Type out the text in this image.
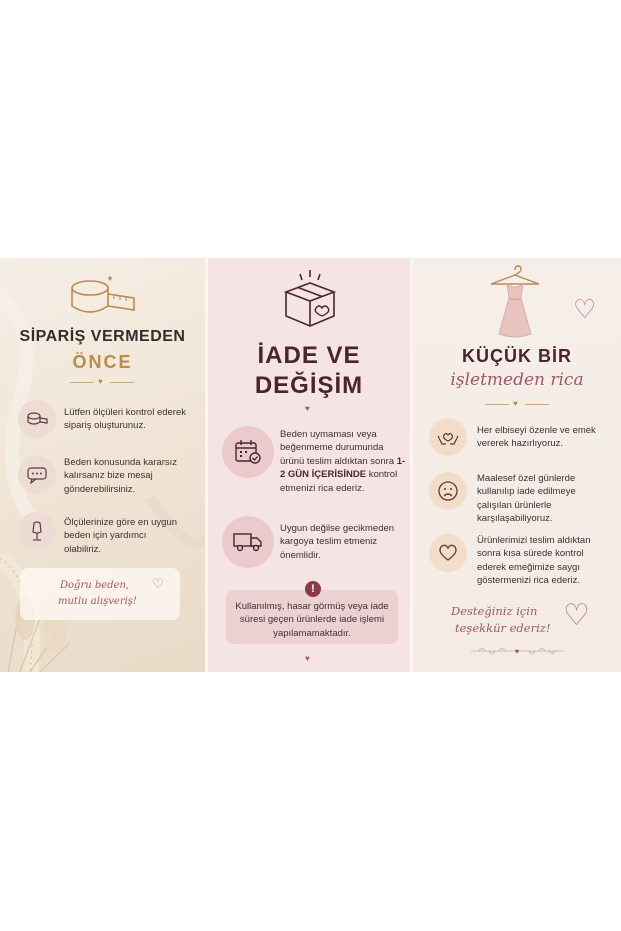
SİPARİŞ VERMEDEN
ÖNCE
♥
Lütfen ölçüleri kontrol ederek sipariş oluşturunuz.
Beden konusunda kararsız kalırsanız bize mesaj gönderebilirsiniz.
Ölçülerinize göre en uygun beden için yardımcı olabiliriz.
Doğru beden,
mutlu alışveriş!
♡
İADE VE
DEĞİŞİM
♥
Beden uymaması veya beğenmeme durumunda ürünü teslim aldıktan sonra 1-2 GÜN İÇERİSİNDE kontrol etmenizi rica ederiz.
Uygun değilse gecikmeden kargoya teslim etmeniz önemlidir.
!
Kullanılmış, hasar görmüş veya iade süresi geçen ürünlerde iade işlemi yapılamamaktadır.
♥
♡
KÜÇÜK BİR
işletmeden rica
♥
Her elbiseyi özenle ve emek vererek hazırlıyoruz.
Maalesef özel günlerde kullanılıp iade edilmeye çalışılan ürünlerle karşılaşabiliyoruz.
Ürünlerimizi teslim aldıktan sonra kısa sürede kontrol ederek emeğimize saygı göstermenizi rica ederiz.
Desteğiniz için
teşekkür ederiz! ♡
♥
